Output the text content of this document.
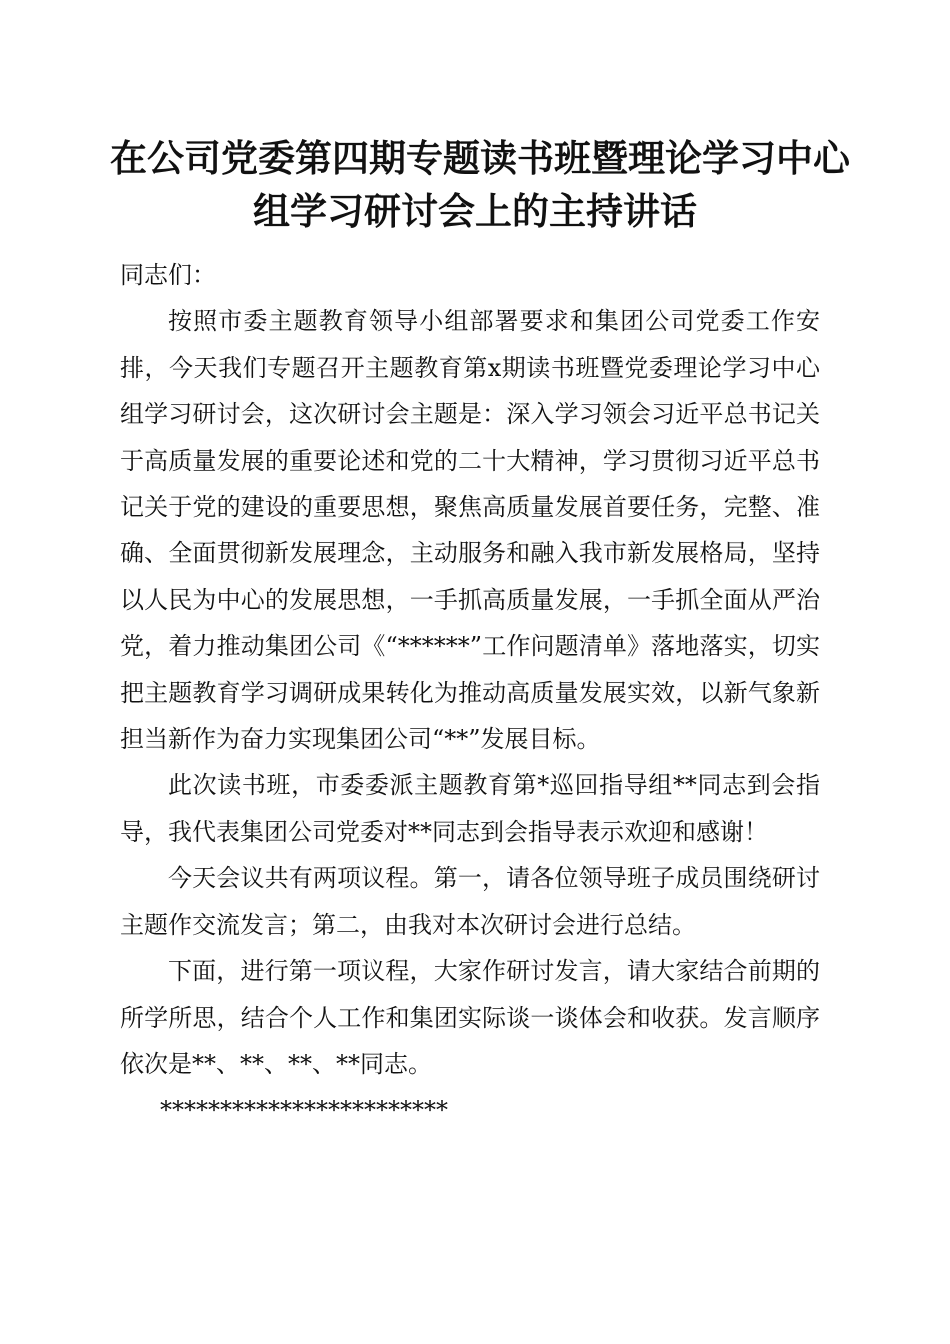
在公司党委第四期专题读书班暨理论学习中心
组学习研讨会上的主持讲话
同志们：

按照市委主题教育领导小组部署要求和集团公司党委工作安排，今天我们专题召开主题教育第x期读书班暨党委理论学习中心组学习研讨会，这次研讨会主题是：深入学习领会习近平总书记关于高质量发展的重要论述和党的二十大精神，学习贯彻习近平总书记关于党的建设的重要思想，聚焦高质量发展首要任务，完整、准确、全面贯彻新发展理念，主动服务和融入我市新发展格局，坚持以人民为中心的发展思想，一手抓高质量发展，一手抓全面从严治党，着力推动集团公司《“******”工作问题清单》落地落实，切实把主题教育学习调研成果转化为推动高质量发展实效，以新气象新担当新作为奋力实现集团公司“**”发展目标。

此次读书班，市委委派主题教育第*巡回指导组**同志到会指导，我代表集团公司党委对**同志到会指导表示欢迎和感谢！

今天会议共有两项议程。第一，请各位领导班子成员围绕研讨主题作交流发言；第二，由我对本次研讨会进行总结。

下面，进行第一项议程，大家作研讨发言，请大家结合前期的所学所思，结合个人工作和集团实际谈一谈体会和收获。发言顺序依次是**、**、**、**同志。

************************
